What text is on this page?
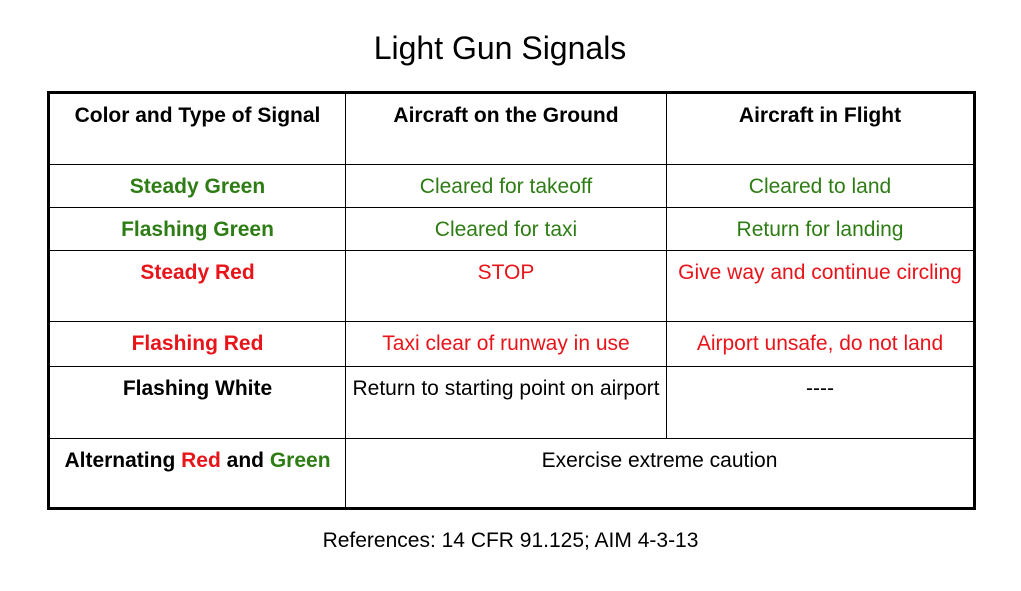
Light Gun Signals
Color and Type of Signal	Aircraft on the Ground	Aircraft in Flight
Steady Green	Cleared for takeoff	Cleared to land
Flashing Green	Cleared for taxi	Return for landing
Steady Red	STOP	Give way and continue circling
Flashing Red	Taxi clear of runway in use	Airport unsafe, do not land
Flashing White	Return to starting point on airport	----
Alternating Red and Green	Exercise extreme caution	
References: 14 CFR 91.125; AIM 4-3-13
